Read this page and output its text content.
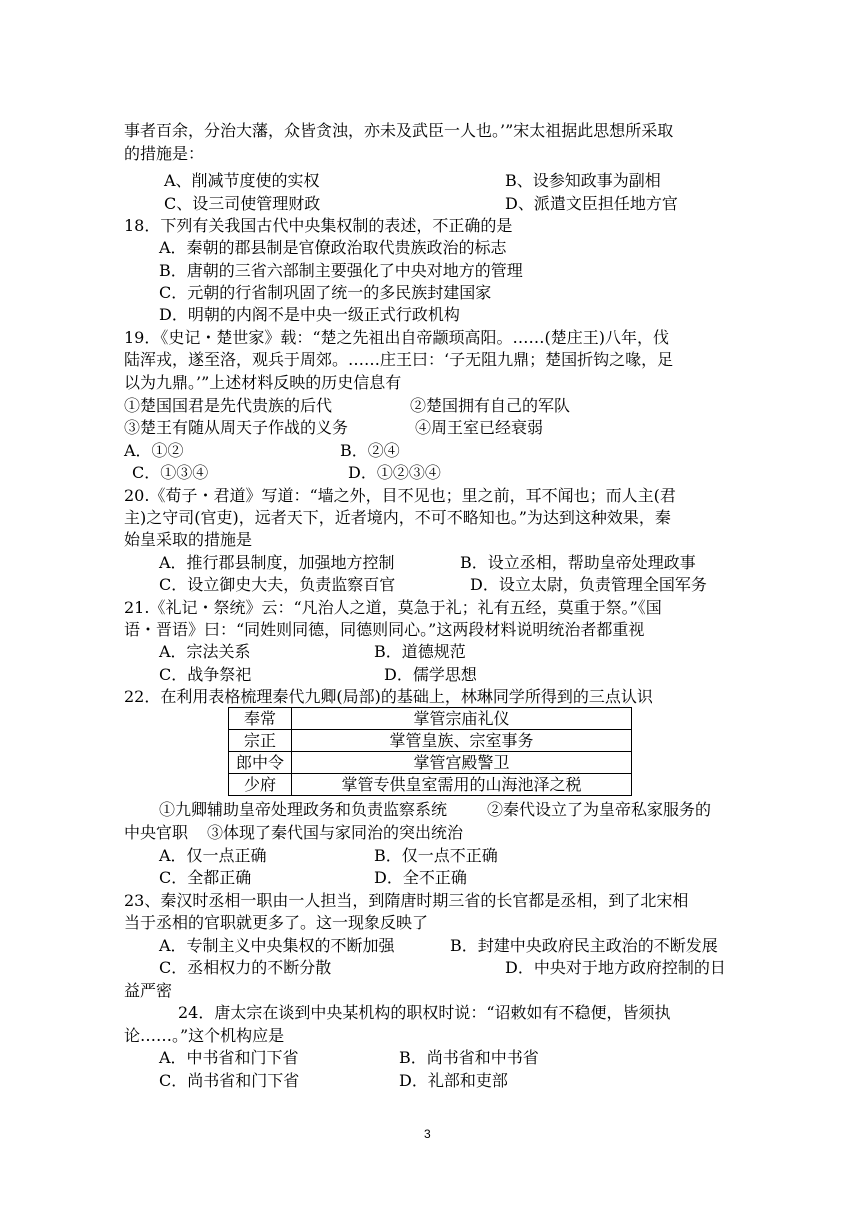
事者百余，分治大藩，众皆贪浊，亦未及武臣一人也。’”宋太祖据此思想所采取
的措施是：
A、削减节度使的实权	B、设参知政事为副相
C、设三司使管理财政	D、派遣文臣担任地方官
18．下列有关我国古代中央集权制的表述，不正确的是
A．秦朝的郡县制是官僚政治取代贵族政治的标志
B．唐朝的三省六部制主要强化了中央对地方的管理
C．元朝的行省制巩固了统一的多民族封建国家
D．明朝的内阁不是中央一级正式行政机构
19．《史记・楚世家》载：“楚之先祖出自帝颛顼高阳。……(楚庄王)八年，伐
陆浑戎，遂至洛，观兵于周郊。……庄王曰：‘子无阻九鼎；楚国折钩之喙，足
以为九鼎。’”上述材料反映的历史信息有
①楚国国君是先代贵族的后代	②楚国拥有自己的军队
③楚王有随从周天子作战的义务	④周王室已经衰弱
A．①②	B．②④
C．①③④	D．①②③④
20.《荀子・君道》写道：“墙之外，目不见也；里之前，耳不闻也；而人主(君
主)之守司(官吏)，远者天下，近者境内，不可不略知也。”为达到这种效果，秦
始皇采取的措施是
A．推行郡县制度，加强地方控制	B．设立丞相，帮助皇帝处理政事
C．设立御史大夫，负责监察百官	D．设立太尉，负责管理全国军务
21.《礼记・祭统》云：“凡治人之道，莫急于礼；礼有五经，莫重于祭。”《国
语・晋语》曰：“同姓则同德，同德则同心。”这两段材料说明统治者都重视
A．宗法关系	B．道德规范
C．战争祭祀	D．儒学思想
22．在利用表格梳理秦代九卿(局部)的基础上，林琳同学所得到的三点认识
奉常	掌管宗庙礼仪
宗正	掌管皇族、宗室事务
郎中令	掌管宫殿警卫
少府	掌管专供皇室需用的山海池泽之税
①九卿辅助皇帝处理政务和负责监察系统 ②秦代设立了为皇帝私家服务的
中央官职 ③体现了秦代国与家同治的突出统治
A．仅一点正确	B．仅一点不正确
C．全都正确	D．全不正确
23、秦汉时丞相一职由一人担当，到隋唐时期三省的长官都是丞相，到了北宋相
当于丞相的官职就更多了。这一现象反映了
A．专制主义中央集权的不断加强	B．封建中央政府民主政治的不断发展
C．丞相权力的不断分散	D．中央对于地方政府控制的日
益严密
24．唐太宗在谈到中央某机构的职权时说：“诏敕如有不稳便，皆须执
论……。”这个机构应是
A．中书省和门下省	B．尚书省和中书省
C．尚书省和门下省	D．礼部和吏部
3
